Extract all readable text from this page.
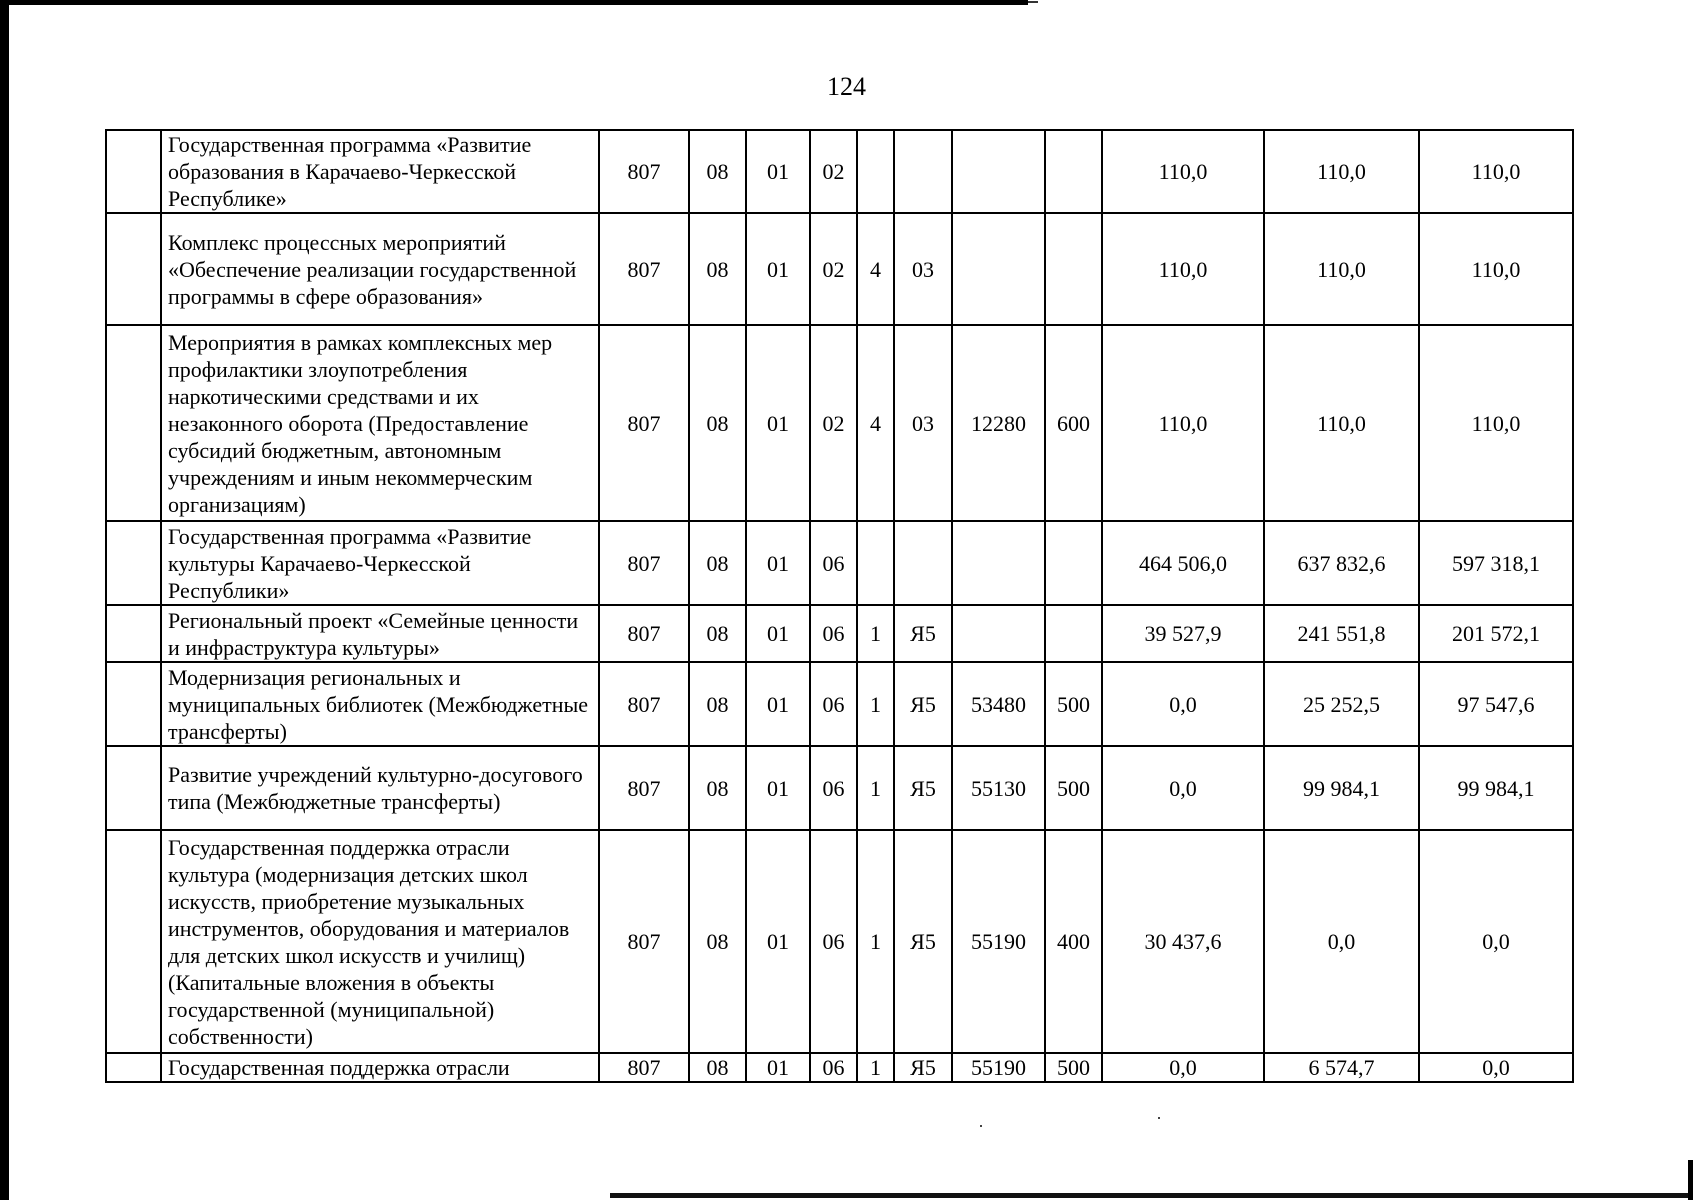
124
	Государственная программа «Развитие образования в Карачаево-Черкесской Республике»	807	08	01	02					110,0	110,0	110,0
	Комплекс процессных мероприятий «Обеспечение реализации государственной программы в сфере образования»	807	08	01	02	4	03			110,0	110,0	110,0
	Мероприятия в рамках комплексных мер профилактики злоупотребления наркотическими средствами и их незаконного оборота (Предоставление субсидий бюджетным, автономным учреждениям и иным некоммерческим организациям)	807	08	01	02	4	03	12280	600	110,0	110,0	110,0
	Государственная программа «Развитие культуры Карачаево-Черкесской Республики»	807	08	01	06					464 506,0	637 832,6	597 318,1
	Региональный проект «Семейные ценности и инфраструктура культуры»	807	08	01	06	1	Я5			39 527,9	241 551,8	201 572,1
	Модернизация региональных и муниципальных библиотек (Межбюджетные трансферты)	807	08	01	06	1	Я5	53480	500	0,0	25 252,5	97 547,6
	Развитие учреждений культурно-досугового типа (Межбюджетные трансферты)	807	08	01	06	1	Я5	55130	500	0,0	99 984,1	99 984,1
	Государственная поддержка отрасли культура (модернизация детских школ искусств, приобретение музыкальных инструментов, оборудования и материалов для детских школ искусств и училищ) (Капитальные вложения в объекты государственной (муниципальной) собственности)	807	08	01	06	1	Я5	55190	400	30 437,6	0,0	0,0
	Государственная поддержка отрасли	807	08	01	06	1	Я5	55190	500	0,0	6 574,7	0,0
